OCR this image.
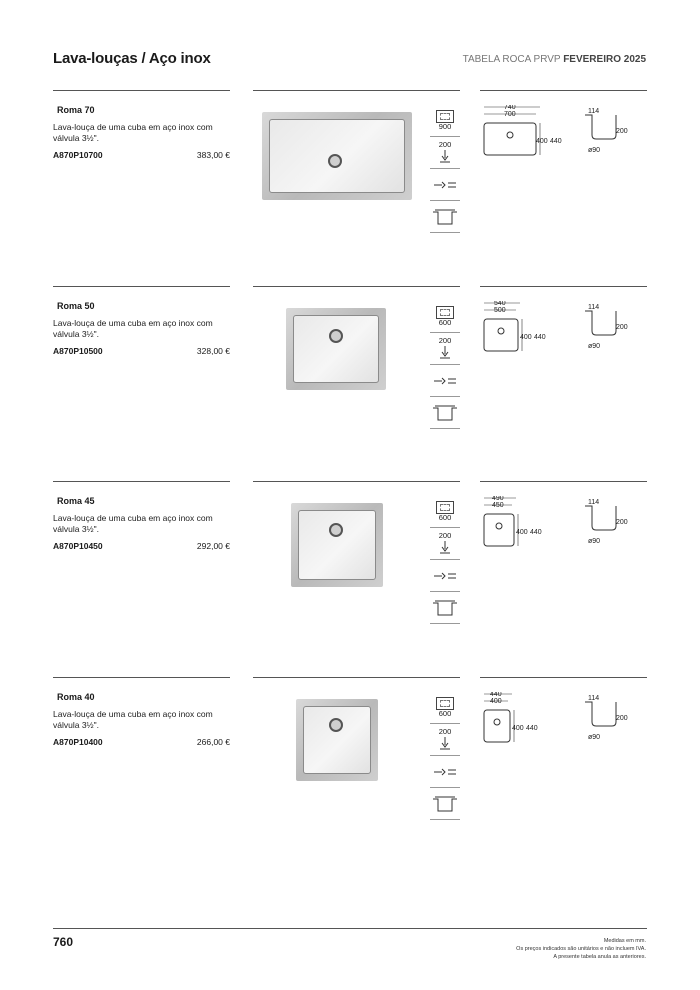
Lava-louças / Aço inox	TABELA ROCA PRVP FEVEREIRO 2025
Roma 70
Lava-louça de uma cuba em aço inox com válvula 3½".
A870P10700	383,00 €
900
200
740
700
400 440
114
200
ø90
Roma 50
Lava-louça de uma cuba em aço inox com válvula 3½".
A870P10500	328,00 €
600
200
540
500
400 440
114
200
ø90
Roma 45
Lava-louça de uma cuba em aço inox com válvula 3½".
A870P10450	292,00 €
600
200
490
450
400 440
114
200
ø90
Roma 40
Lava-louça de uma cuba em aço inox com válvula 3½".
A870P10400	266,00 €
600
200
440
400
400 440
114
200
ø90
760	Medidas em mm.
Os preços indicados são unitários e não incluem IVA.
A presente tabela anula as anteriores.
